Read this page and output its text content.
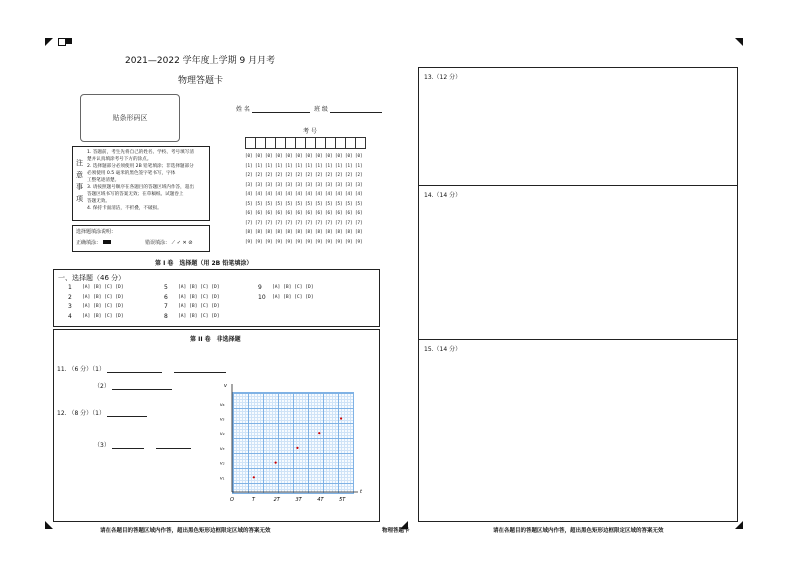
2021—2022 学年度上学期 9 月月考
物理答题卡
贴条形码区
姓 名	班 级
考 号
[0] [0] [0] [0] [0] [0] [0] [0] [0] [0] [0] [0]
[1] [1] [1] [1] [1] [1] [1] [1] [1] [1] [1] [1]
[2] [2] [2] [2] [2] [2] [2] [2] [2] [2] [2] [2]
[3] [3] [3] [3] [3] [3] [3] [3] [3] [3] [3] [3]
[4] [4] [4] [4] [4] [4] [4] [4] [4] [4] [4] [4]
[5] [5] [5] [5] [5] [5] [5] [5] [5] [5] [5] [5]
[6] [6] [6] [6] [6] [6] [6] [6] [6] [6] [6] [6]
[7] [7] [7] [7] [7] [7] [7] [7] [7] [7] [7] [7]
[8] [8] [8] [8] [8] [8] [8] [8] [8] [8] [8] [8]
[9] [9] [9] [9] [9] [9] [9] [9] [9] [9] [9] [9]
注意事项
1. 答题前，考生先将自己的姓名、学校、考号填写清
楚并认真填涂考号下方的涂点。
2. 选择题部分必须使用 2B 铅笔填涂；非选择题部分
必须使用 0.5 毫米的黑色签字笔书写，字体
工整笔迹清楚。
3. 请按照题号顺序在各题目的答题区域内作答，超出
答题区域书写的答案无效；在草稿纸、试题卷上
答题无效。
4. 保持卡面清洁，不折叠，不破损。
选择题填涂说明：
正确填涂：	错误填涂： ⟋ ✓ ✕ ⊘
第 I 卷　选择题（用 2B 铅笔填涂）
一、选择题（46 分）
1	[A] [B] [C] [D]
2	[A] [B] [C] [D]
3	[A] [B] [C] [D]
4	[A] [B] [C] [D]
5	[A] [B] [C] [D]
6	[A] [B] [C] [D]
7	[A] [B] [C] [D]
8	[A] [B] [C] [D]
9	[A] [B] [C] [D]
10	[A] [B] [C] [D]
第 II 卷　非选择题
11. （6 分）（1）
（2）
12. （8 分）（1）
（3）
t
v
O	T	2T	3T	4T	5T
v₁
v₂
v₃
v₄
v₅
v₆
13.（12 分）
14.（14 分）
15.（14 分）
请在各题目的答题区域内作答，超出黑色矩形边框限定区域的答案无效	物理答题卡	请在各题目的答题区域内作答，超出黑色矩形边框限定区域的答案无效
